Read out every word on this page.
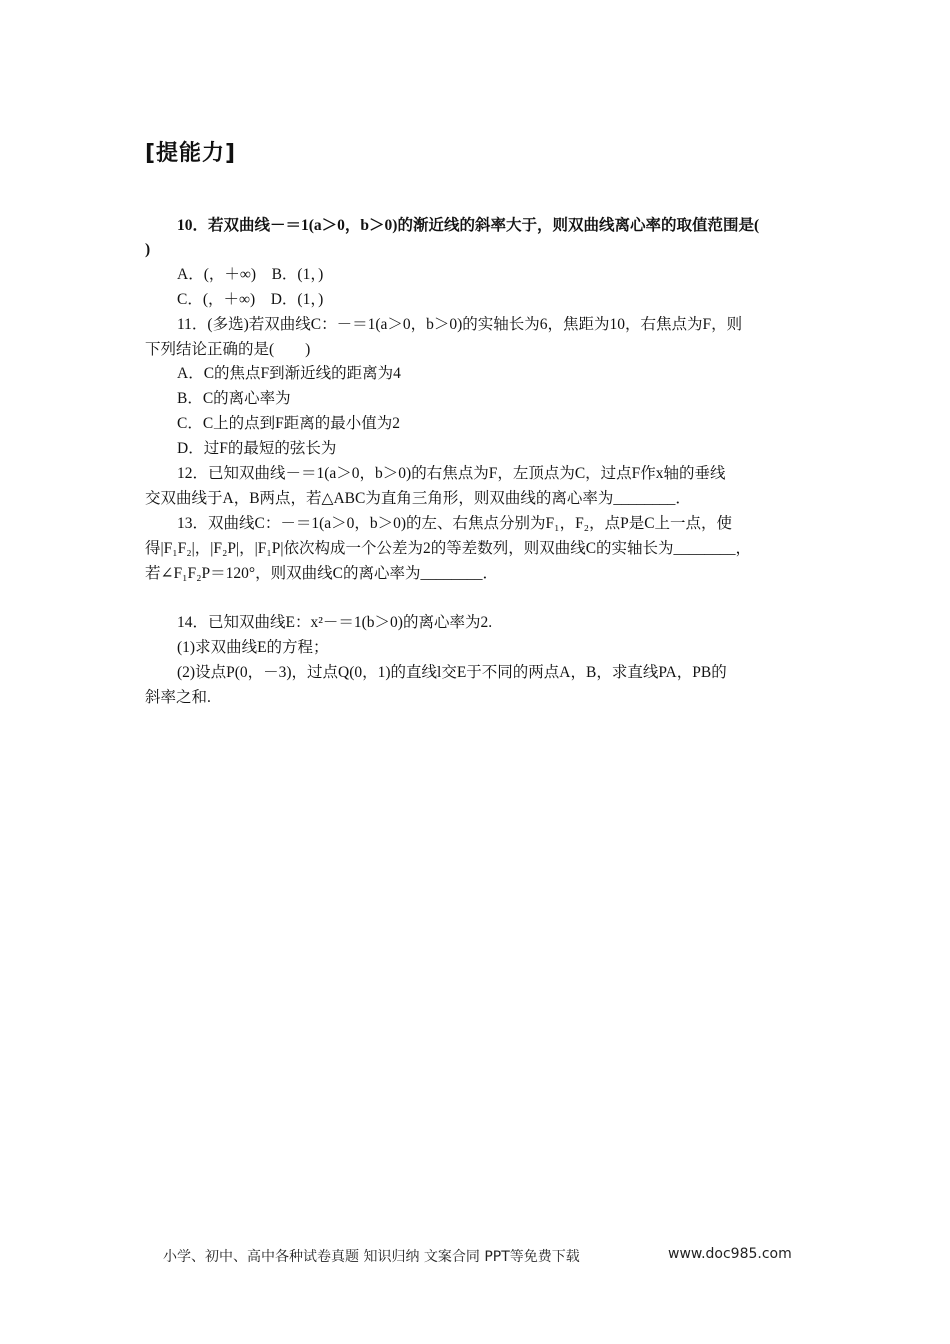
[提能力]
10．若双曲线－＝1(a＞0，b＞0)的渐近线的斜率大于，则双曲线离心率的取值范围是(
)
A．(，＋∞)　B．(1，)
C．(，＋∞)　D．(1，)
11．(多选)若双曲线C：－＝1(a＞0，b＞0)的实轴长为6，焦距为10，右焦点为F，则
下列结论正确的是(　　)
A．C的焦点F到渐近线的距离为4
B．C的离心率为
C．C上的点到F距离的最小值为2
D．过F的最短的弦长为
12．已知双曲线－＝1(a＞0，b＞0)的右焦点为F，左顶点为C，过点F作x轴的垂线
交双曲线于A，B两点，若△ABC为直角三角形，则双曲线的离心率为________．
13．双曲线C：－＝1(a＞0，b＞0)的左、右焦点分别为F₁，F₂，点P是C上一点，使
得|F₁F₂|，|F₂P|，|F₁P|依次构成一个公差为2的等差数列，则双曲线C的实轴长为________，
若∠F₁F₂P＝120°，则双曲线C的离心率为________．
14．已知双曲线E：x²－＝1(b＞0)的离心率为2.
(1)求双曲线E的方程；
(2)设点P(0，－3)，过点Q(0，1)的直线l交E于不同的两点A，B，求直线PA，PB的
斜率之和.
小学、初中、高中各种试卷真题 知识归纳 文案合同 PPT等免费下载	www.doc985.com
